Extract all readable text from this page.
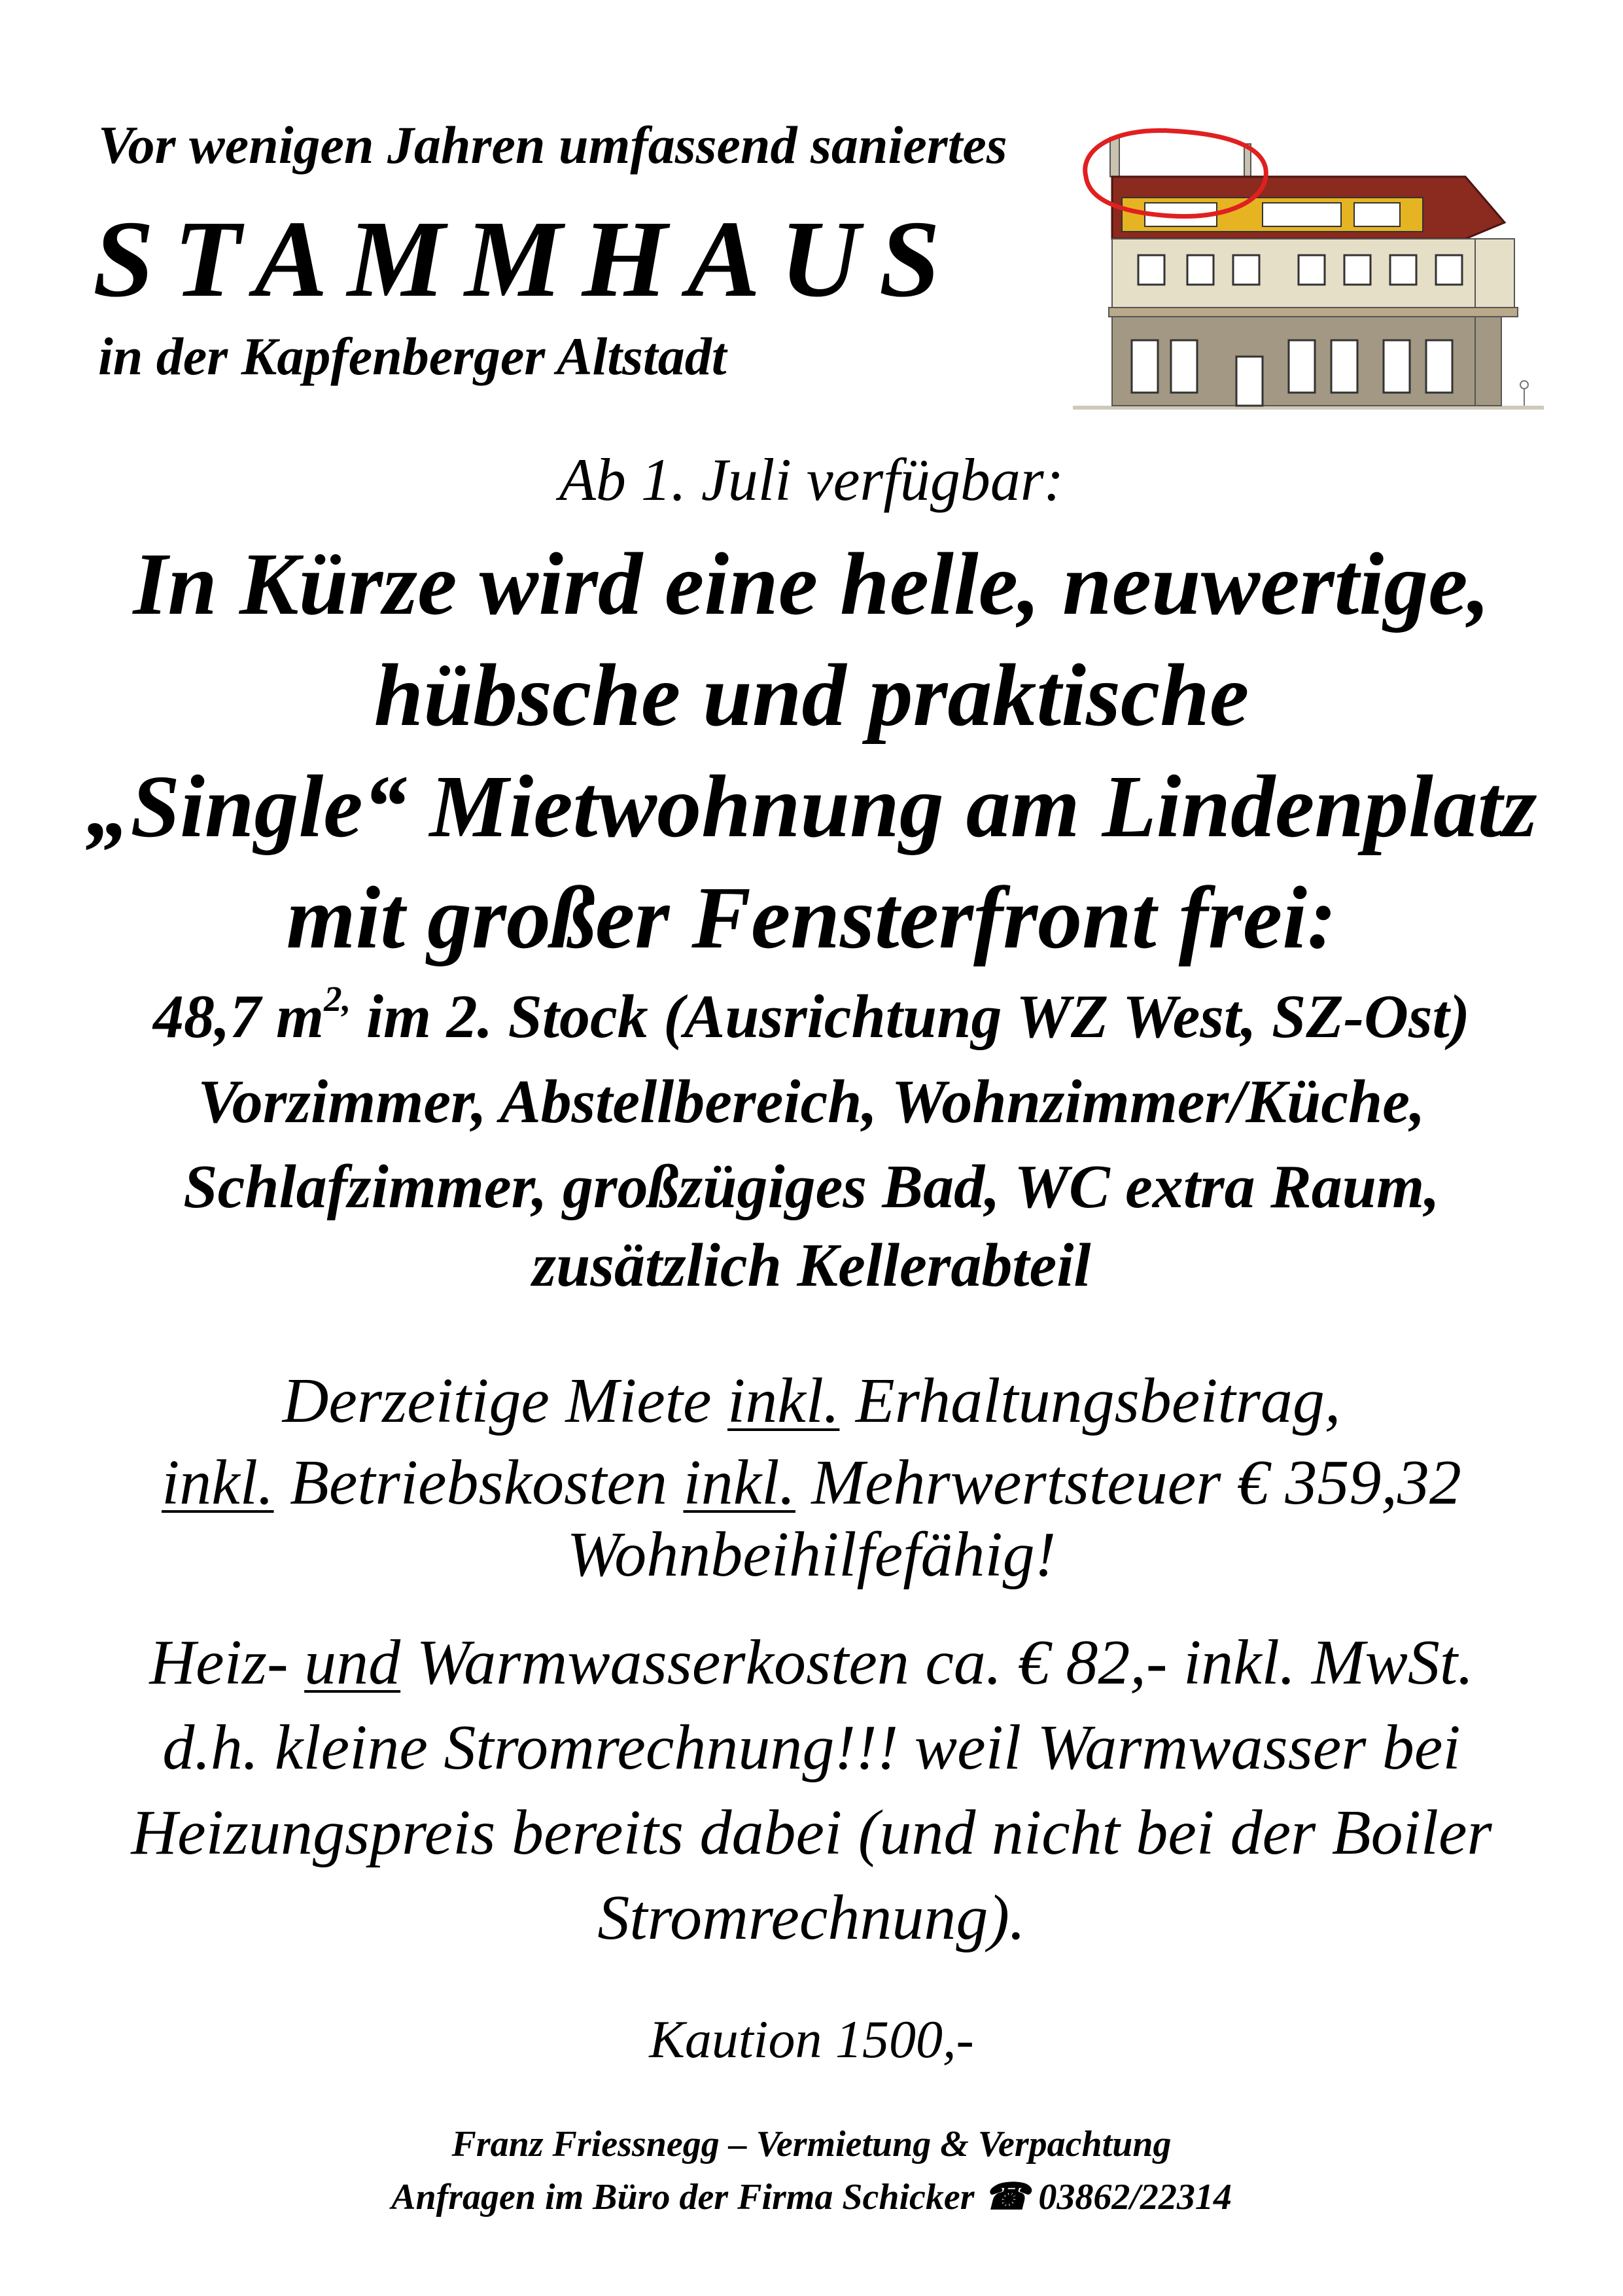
Vor wenigen Jahren umfassend saniertes
STAMMHAUS
in der Kapfenberger Altstadt
Ab 1. Juli verfügbar:
In Kürze wird eine helle, neuwertige,
hübsche und praktische
„Single“ Mietwohnung am Lindenplatz
mit großer Fensterfront frei:
48,7 $m^{2,}$ im 2. Stock (Ausrichtung WZ West, SZ-Ost)
Vorzimmer, Abstellbereich, Wohnzimmer/Küche,
Schlafzimmer, großzügiges Bad, WC extra Raum,
zusätzlich Kellerabteil
Derzeitige Miete inkl. Erhaltungsbeitrag,
inkl. Betriebskosten inkl. Mehrwertsteuer € 359,32
Wohnbeihilfefähig!
Heiz- und Warmwasserkosten ca. € 82,- inkl. MwSt.
d.h. kleine Stromrechnung!!! weil Warmwasser bei
Heizungspreis bereits dabei (und nicht bei der Boiler
Stromrechnung).
Kaution 1500,-
Franz Friessnegg – Vermietung & Verpachtung
Anfragen im Büro der Firma Schicker ☎ 03862/22314
